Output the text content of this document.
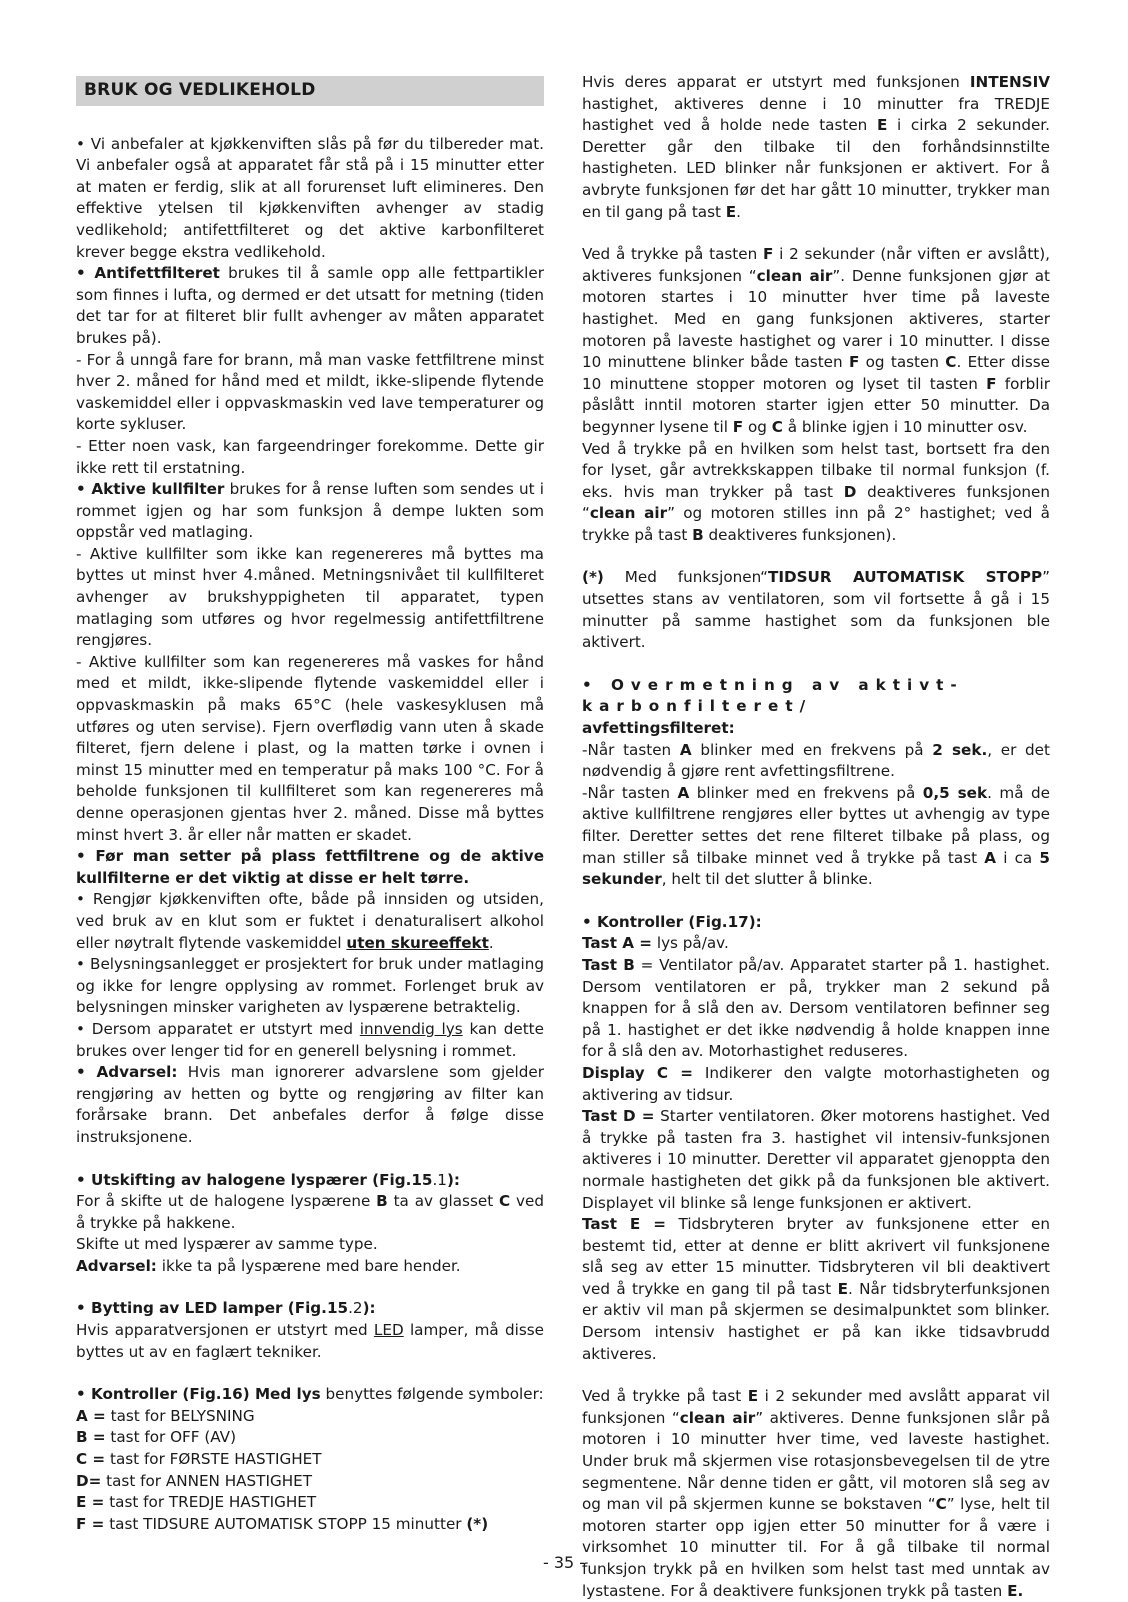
BRUK OG VEDLIKEHOLD

• Vi anbefaler at kjøkkenviften slås på før du tilbereder mat. Vi anbefaler også at apparatet får stå på i 15 minutter etter at maten er ferdig, slik at all forurenset luft elimineres. Den effektive ytelsen til kjøkkenviften avhenger av stadig vedlikehold; antifettfilteret og det aktive karbonfilteret krever begge ekstra vedlikehold.

• Antifettfilteret brukes til å samle opp alle fettpartikler som finnes i lufta, og dermed er det utsatt for metning (tiden det tar for at filteret blir fullt avhenger av måten apparatet brukes på).

- For å unngå fare for brann, må man vaske fettfiltrene minst hver 2. måned for hånd med et mildt, ikke-slipende flytende vaskemiddel eller i oppvaskmaskin ved lave temperaturer og korte sykluser.

- Etter noen vask, kan fargeendringer forekomme. Dette gir ikke rett til erstatning.

• Aktive kullfilter brukes for å rense luften som sendes ut i rommet igjen og har som funksjon å dempe lukten som oppstår ved matlaging.

- Aktive kullfilter som ikke kan regenereres må byttes ma byttes ut minst hver 4.måned. Metningsnivået til kullfilteret avhenger av brukshyppigheten til apparatet, typen matlaging som utføres og hvor regelmessig antifettfiltrene rengjøres.

- Aktive kullfilter som kan regenereres må vaskes for hånd med et mildt, ikke-slipende flytende vaskemiddel eller i oppvaskmaskin på maks 65°C (hele vaskesyklusen må utføres og uten servise). Fjern overflødig vann uten å skade filteret, fjern delene i plast, og la matten tørke i ovnen i minst 15 minutter med en temperatur på maks 100 °C. For å beholde funksjonen til kullfilteret som kan regenereres må denne operasjonen gjentas hver 2. måned. Disse må byttes minst hvert 3. år eller når matten er skadet.

• Før man setter på plass fettfiltrene og de aktive kullfilterne er det viktig at disse er helt tørre.

• Rengjør kjøkkenviften ofte, både på innsiden og utsiden, ved bruk av en klut som er fuktet i denaturalisert alkohol eller nøytralt flytende vaskemiddel uten skureeffekt.

• Belysningsanlegget er prosjektert for bruk under matlaging og ikke for lengre opplysing av rommet. Forlenget bruk av belysningen minsker varigheten av lyspærene betraktelig.

• Dersom apparatet er utstyrt med innvendig lys kan dette brukes over lenger tid for en generell belysning i rommet.

• Advarsel: Hvis man ignorerer advarslene som gjelder rengjøring av hetten og bytte og rengjøring av filter kan forårsake brann. Det anbefales derfor å følge disse instruksjonene.

• Utskifting av halogene lyspærer (Fig.15.1):

For å skifte ut de halogene lyspærene B ta av glasset C ved å trykke på hakkene.

Skifte ut med lyspærer av samme type.

Advarsel: ikke ta på lyspærene med bare hender.

• Bytting av LED lamper (Fig.15.2):

Hvis apparatversjonen er utstyrt med LED lamper, må disse byttes ut av en faglært tekniker.

• Kontroller (Fig.16) Med lys benyttes følgende symboler:

A = tast for BELYSNING

B = tast for OFF (AV)

C = tast for FØRSTE HASTIGHET

D= tast for ANNEN HASTIGHET

E = tast for TREDJE HASTIGHET

F = tast TIDSURE AUTOMATISK STOPP 15 minutter (*)

Hvis deres apparat er utstyrt med funksjonen INTENSIV hastighet, aktiveres denne i 10 minutter fra TREDJE hastighet ved å holde nede tasten E i cirka 2 sekunder. Deretter går den tilbake til den forhåndsinnstilte hastigheten. LED blinker når funksjonen er aktivert. For å avbryte funksjonen før det har gått 10 minutter, trykker man en til gang på tast E.

Ved å trykke på tasten F i 2 sekunder (når viften er avslått), aktiveres funksjonen “clean air”. Denne funksjonen gjør at motoren startes i 10 minutter hver time på laveste hastighet. Med en gang funksjonen aktiveres, starter motoren på laveste hastighet og varer i 10 minutter. I disse 10 minuttene blinker både tasten F og tasten C. Etter disse 10 minuttene stopper motoren og lyset til tasten F forblir påslått inntil motoren starter igjen etter 50 minutter. Da begynner lysene til F og C å blinke igjen i 10 minutter osv.

Ved å trykke på en hvilken som helst tast, bortsett fra den for lyset, går avtrekkskappen tilbake til normal funksjon (f. eks. hvis man trykker på tast D deaktiveres funksjonen “clean air” og motoren stilles inn på 2° hastighet; ved å trykke på tast B deaktiveres funksjonen).

(*) Med funksjonen“TIDSUR AUTOMATISK STOPP” utsettes stans av ventilatoren, som vil fortsette å gå i 15 minutter på samme hastighet som da funksjonen ble aktivert.

• Overmetning av aktivt-karbonfilteret/
avfettingsfilteret:

-Når tasten A blinker med en frekvens på 2 sek., er det nødvendig å gjøre rent avfettingsfiltrene.

-Når tasten A blinker med en frekvens på 0,5 sek. må de aktive kullfiltrene rengjøres eller byttes ut avhengig av type filter. Deretter settes det rene filteret tilbake på plass, og man stiller så tilbake minnet ved å trykke på tast A i ca 5 sekunder, helt til det slutter å blinke.

• Kontroller (Fig.17):

Tast A = lys på/av.

Tast B = Ventilator på/av. Apparatet starter på 1. hastighet. Dersom ventilatoren er på, trykker man 2 sekund på knappen for å slå den av. Dersom ventilatoren befinner seg på 1. hastighet er det ikke nødvendig å holde knappen inne for å slå den av. Motorhastighet reduseres.

Display C = Indikerer den valgte motorhastigheten og aktivering av tidsur.

Tast D = Starter ventilatoren. Øker motorens hastighet. Ved å trykke på tasten fra 3. hastighet vil intensiv-funksjonen aktiveres i 10 minutter. Deretter vil apparatet gjenoppta den normale hastigheten det gikk på da funksjonen ble aktivert. Displayet vil blinke så lenge funksjonen er aktivert.

Tast E = Tidsbryteren bryter av funksjonene etter en bestemt tid, etter at denne er blitt akrivert vil funksjonene slå seg av etter 15 minutter. Tidsbryteren vil bli deaktivert ved å trykke en gang til på tast E. Når tidsbryterfunksjonen er aktiv vil man på skjermen se desimalpunktet som blinker. Dersom intensiv hastighet er på kan ikke tidsavbrudd aktiveres.

Ved å trykke på tast E i 2 sekunder med avslått apparat vil funksjonen “clean air” aktiveres. Denne funksjonen slår på motoren i 10 minutter hver time, ved laveste hastighet. Under bruk må skjermen vise rotasjonsbevegelsen til de ytre segmentene. Når denne tiden er gått, vil motoren slå seg av og man vil på skjermen kunne se bokstaven “C” lyse, helt til motoren starter opp igjen etter 50 minutter for å være i virksomhet 10 minutter til. For å gå tilbake til normal funksjon trykk på en hvilken som helst tast med unntak av lystastene. For å deaktivere funksjonen trykk på tasten E.

- 35 -
